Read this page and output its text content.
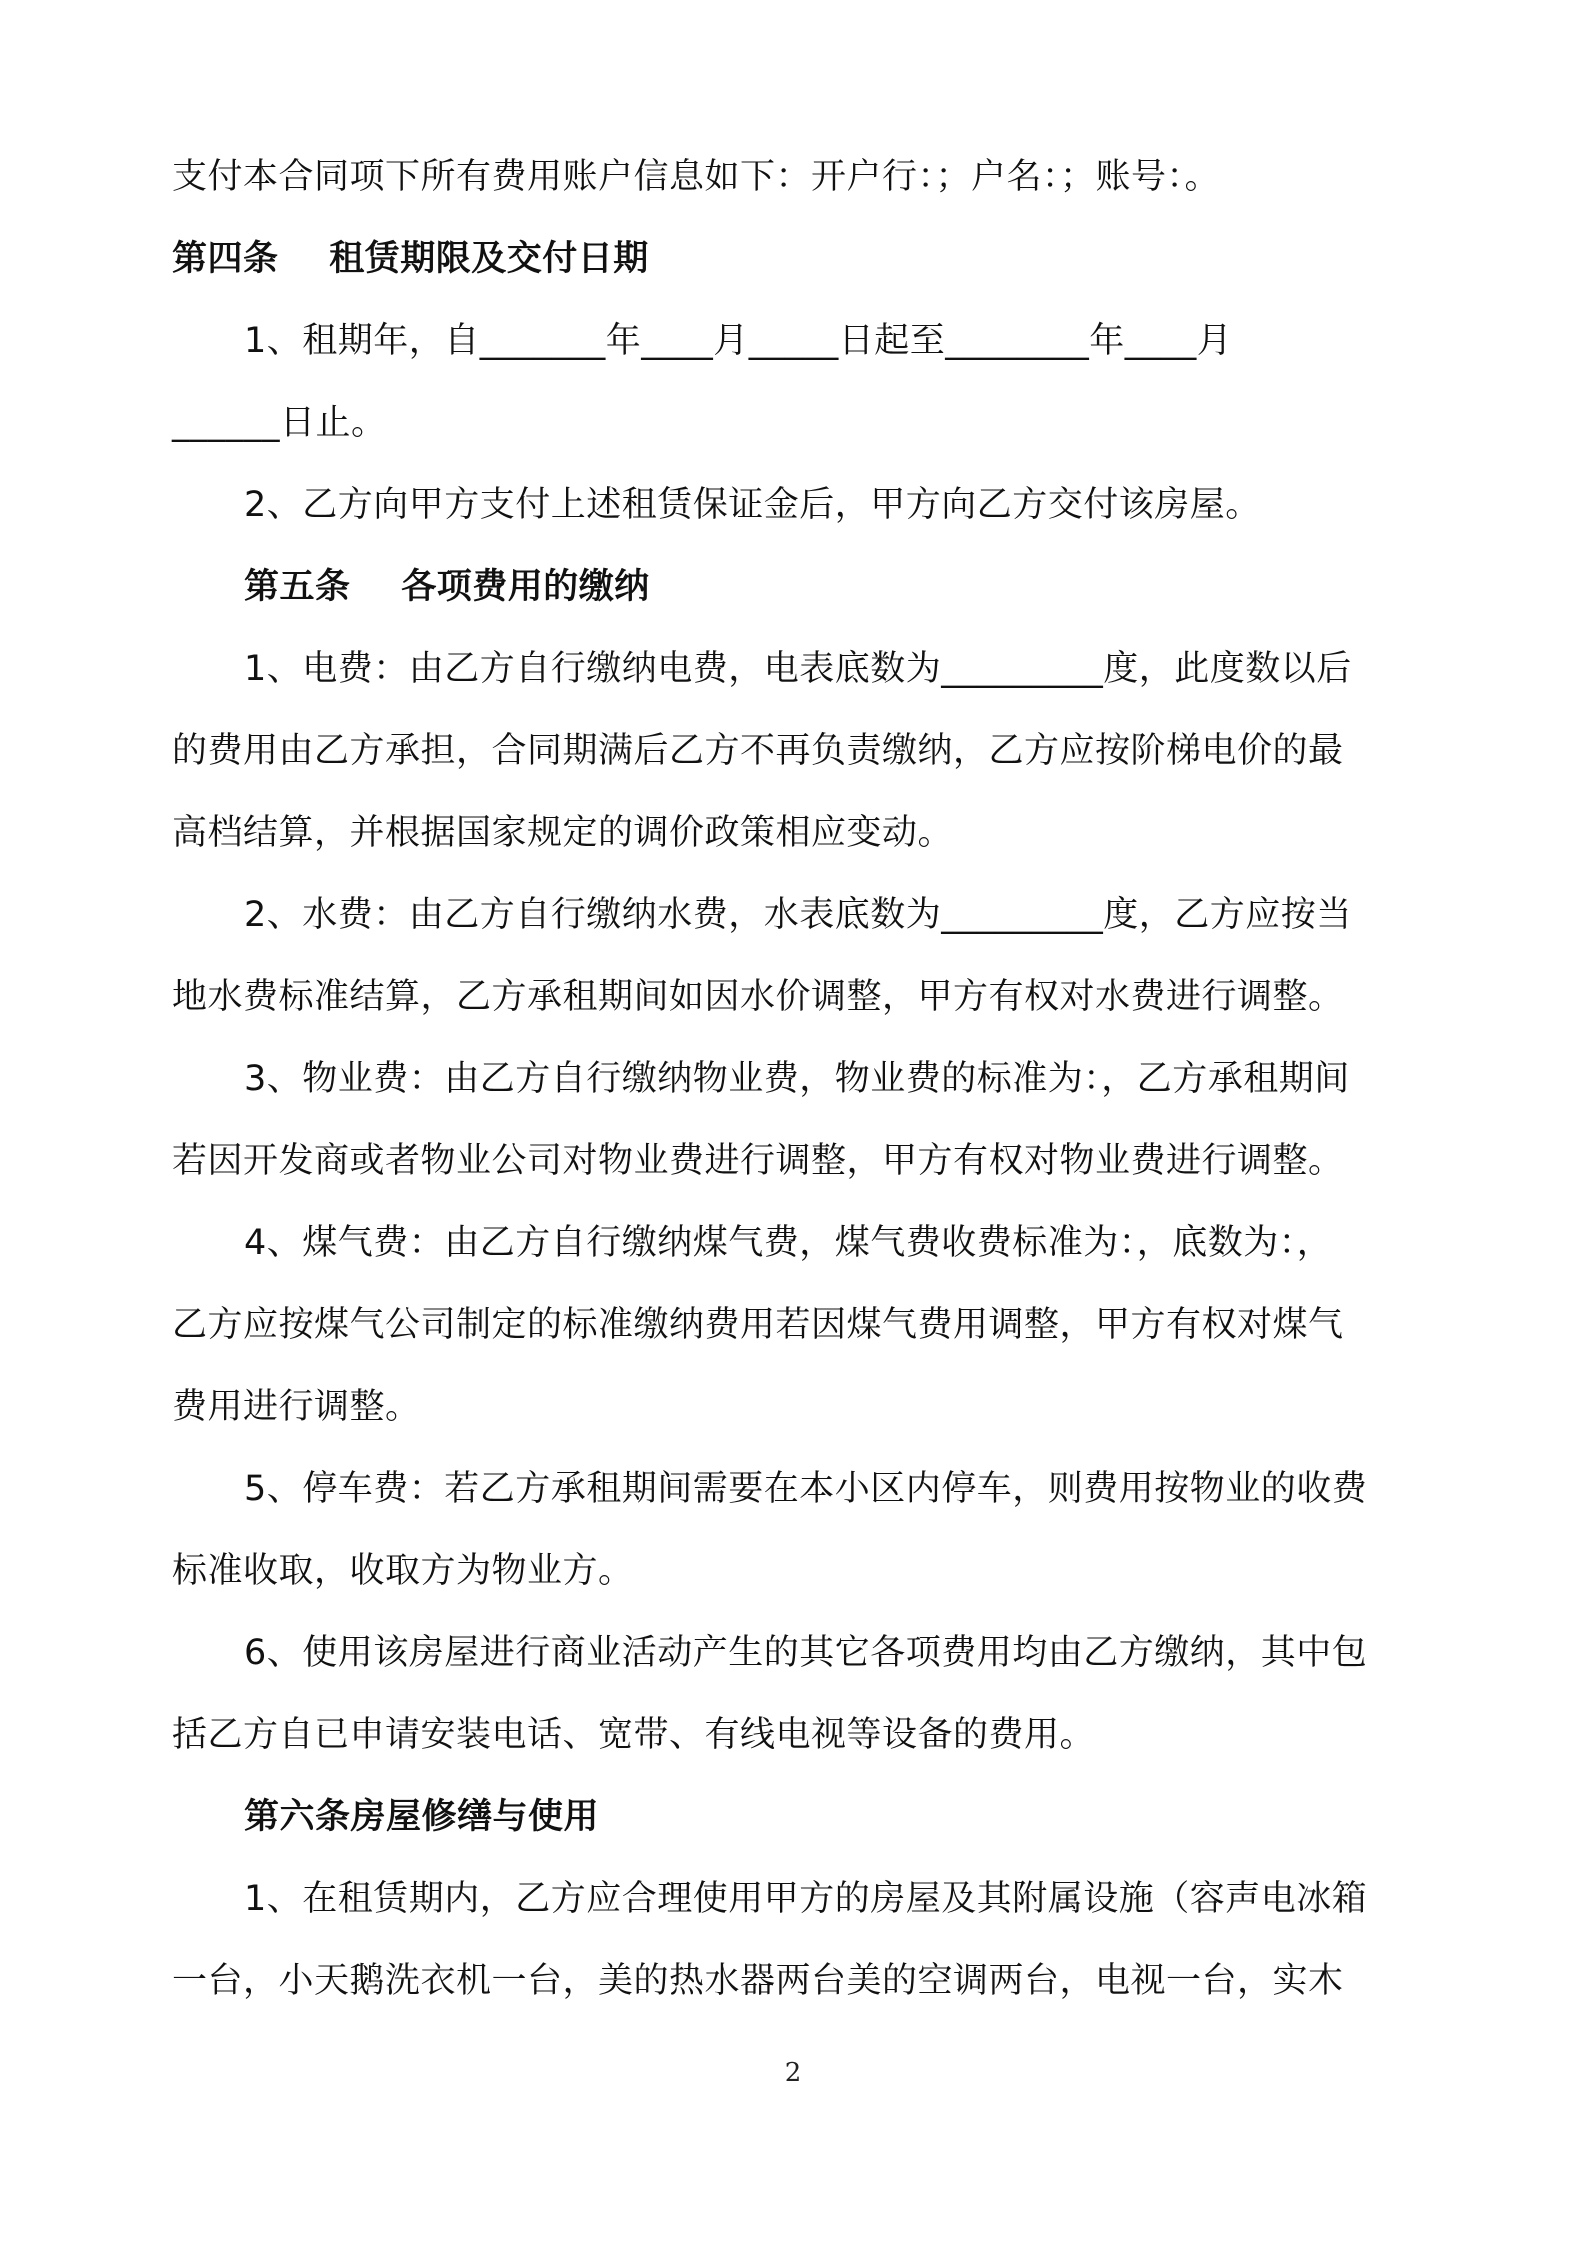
支付本合同项下所有费用账户信息如下：开户行：；户名：；账号：。
第四条    租赁期限及交付日期
1、租期年，自_______年____月_____日起至________年____月
______日止。
2、乙方向甲方支付上述租赁保证金后，甲方向乙方交付该房屋。
第五条    各项费用的缴纳
1、电费：由乙方自行缴纳电费，电表底数为_________度，此度数以后
的费用由乙方承担，合同期满后乙方不再负责缴纳，乙方应按阶梯电价的最
高档结算，并根据国家规定的调价政策相应变动。
2、水费：由乙方自行缴纳水费，水表底数为_________度，乙方应按当
地水费标准结算，乙方承租期间如因水价调整，甲方有权对水费进行调整。
3、物业费：由乙方自行缴纳物业费，物业费的标准为：，乙方承租期间
若因开发商或者物业公司对物业费进行调整，甲方有权对物业费进行调整。
4、煤气费：由乙方自行缴纳煤气费，煤气费收费标准为：，底数为：，
乙方应按煤气公司制定的标准缴纳费用若因煤气费用调整，甲方有权对煤气
费用进行调整。
5、停车费：若乙方承租期间需要在本小区内停车，则费用按物业的收费
标准收取，收取方为物业方。
6、使用该房屋进行商业活动产生的其它各项费用均由乙方缴纳，其中包
括乙方自已申请安装电话、宽带、有线电视等设备的费用。
第六条房屋修缮与使用
1、在租赁期内，乙方应合理使用甲方的房屋及其附属设施（容声电冰箱
一台，小天鹅洗衣机一台，美的热水器两台美的空调两台，电视一台，实木
2
